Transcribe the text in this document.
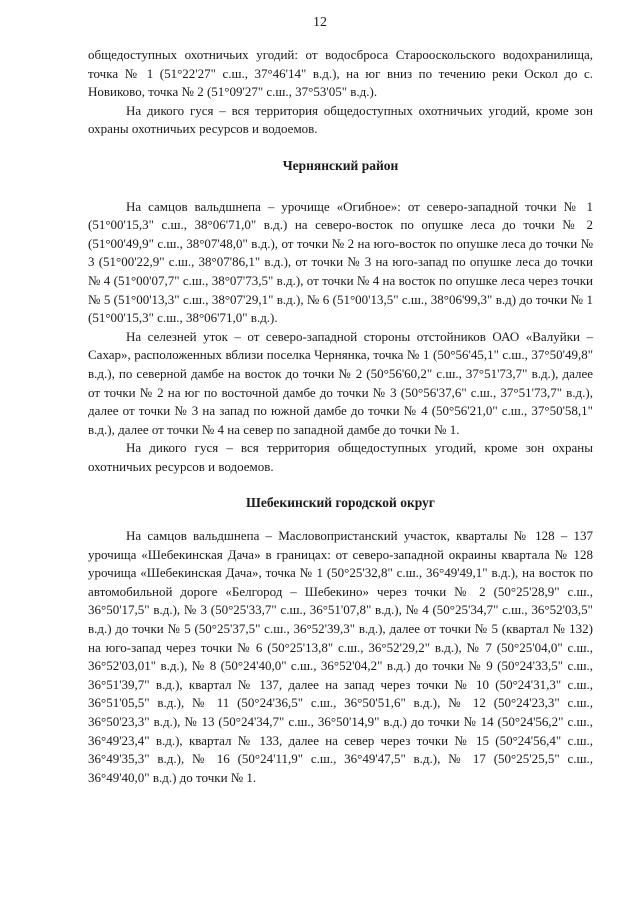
12

общедоступных охотничьих угодий: от водосброса Старооскольского водохранилища, точка № 1 (51°22'27" с.ш., 37°46'14" в.д.), на юг вниз по течению реки Оскол до с. Новиково, точка № 2 (51°09'27" с.ш., 37°53'05" в.д.).

На дикого гуся – вся территория общедоступных охотничьих угодий, кроме зон охраны охотничьих ресурсов и водоемов.

Чернянский район

На самцов вальдшнепа – урочище «Огибное»: от северо-западной точки № 1 (51°00'15,3" с.ш., 38°06'71,0" в.д.) на северо-восток по опушке леса до точки № 2 (51°00'49,9" с.ш., 38°07'48,0" в.д.), от точки № 2 на юго-восток по опушке леса до точки № 3 (51°00'22,9" с.ш., 38°07'86,1" в.д.), от точки № 3 на юго-запад по опушке леса до точки № 4 (51°00'07,7" с.ш., 38°07'73,5" в.д.), от точки № 4 на восток по опушке леса через точки № 5 (51°00'13,3" с.ш., 38°07'29,1" в.д.), № 6 (51°00'13,5" с.ш., 38°06'99,3" в.д) до точки № 1 (51°00'15,3" с.ш., 38°06'71,0" в.д.).

На селезней уток – от северо-западной стороны отстойников ОАО «Валуйки – Сахар», расположенных вблизи поселка Чернянка, точка № 1 (50°56'45,1" с.ш., 37°50'49,8" в.д.), по северной дамбе на восток до точки № 2 (50°56'60,2" с.ш., 37°51'73,7" в.д.), далее от точки № 2 на юг по восточной дамбе до точки № 3 (50°56'37,6" с.ш., 37°51'73,7" в.д.), далее от точки № 3 на запад по южной дамбе до точки № 4 (50°56'21,0" с.ш., 37°50'58,1" в.д.), далее от точки № 4 на север по западной дамбе до точки № 1.

На дикого гуся – вся территория общедоступных угодий, кроме зон охраны охотничьих ресурсов и водоемов.

Шебекинский городской округ

На самцов вальдшнепа – Масловопристанский участок, кварталы № 128 – 137 урочища «Шебекинская Дача» в границах: от северо-западной окраины квартала № 128 урочища «Шебекинская Дача», точка № 1 (50°25'32,8" с.ш., 36°49'49,1" в.д.), на восток по автомобильной дороге «Белгород – Шебекино» через точки № 2 (50°25'28,9" с.ш., 36°50'17,5" в.д.), № 3 (50°25'33,7" с.ш., 36°51'07,8" в.д.), № 4 (50°25'34,7" с.ш., 36°52'03,5" в.д.) до точки № 5 (50°25'37,5" с.ш., 36°52'39,3" в.д.), далее от точки № 5 (квартал № 132) на юго-запад через точки № 6 (50°25'13,8" с.ш., 36°52'29,2" в.д.), № 7 (50°25'04,0" с.ш., 36°52'03,01" в.д.), № 8 (50°24'40,0" с.ш., 36°52'04,2" в.д.) до точки № 9 (50°24'33,5" с.ш., 36°51'39,7" в.д.), квартал № 137, далее на запад через точки № 10 (50°24'31,3" с.ш., 36°51'05,5" в.д.), № 11 (50°24'36,5" с.ш., 36°50'51,6" в.д.), № 12 (50°24'23,3" с.ш., 36°50'23,3" в.д.), № 13 (50°24'34,7" с.ш., 36°50'14,9" в.д.) до точки № 14 (50°24'56,2" с.ш., 36°49'23,4" в.д.), квартал № 133, далее на север через точки № 15 (50°24'56,4" с.ш., 36°49'35,3" в.д.), № 16 (50°24'11,9" с.ш., 36°49'47,5" в.д.), № 17 (50°25'25,5" с.ш., 36°49'40,0" в.д.) до точки № 1.
